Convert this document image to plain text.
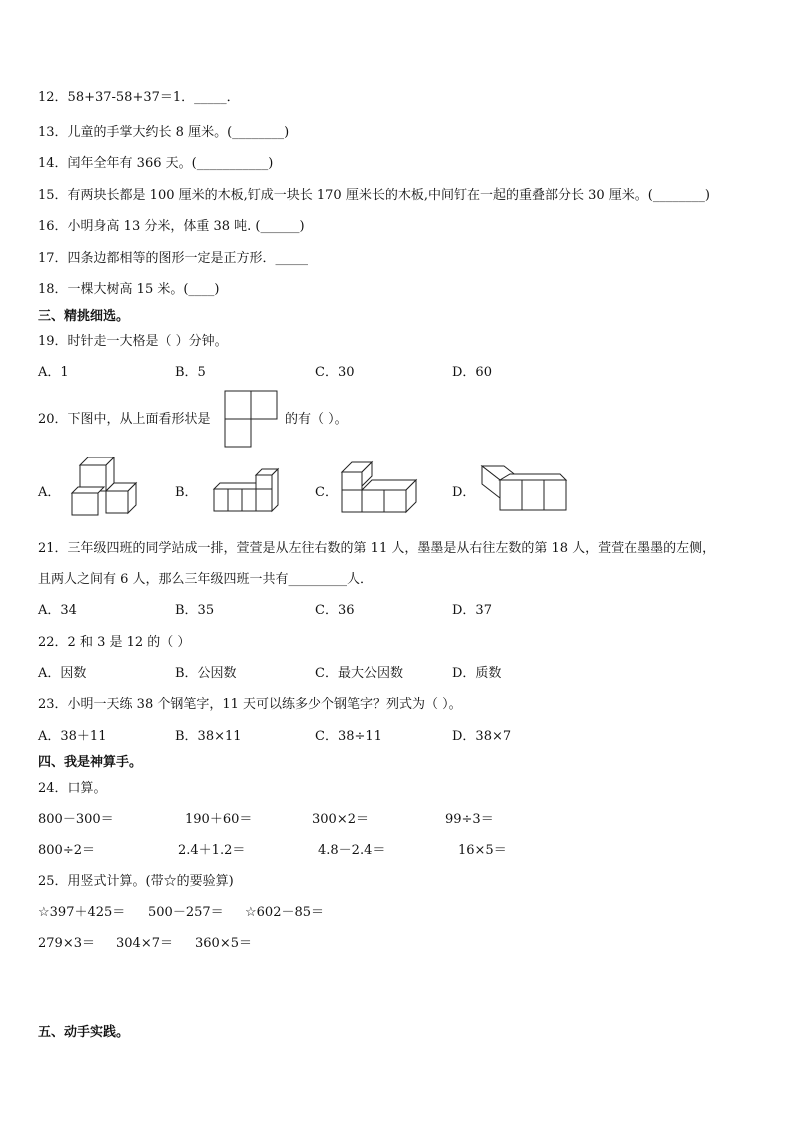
12．58+37-58+37＝1．_____．
13．儿童的手掌大约长 8 厘米。(________)
14．闰年全年有 366 天。(___________)
15．有两块长都是 100 厘米的木板,钉成一块长 170 厘米长的木板,中间钉在一起的重叠部分长 30 厘米。(________)
16．小明身高 13 分米，体重 38 吨. (______)
17．四条边都相等的图形一定是正方形．_____
18．一棵大树高 15 米。(____)
三、精挑细选。
19．时针走一大格是（ ）分钟。
A．1	B．5	C．30	D．60
20．下图中，从上面看形状是	的有（ ）。
A．	B．	C．	D．
21．三年级四班的同学站成一排，萱萱是从左往右数的第 11 人，墨墨是从右往左数的第 18 人，萱萱在墨墨的左侧，
且两人之间有 6 人，那么三年级四班一共有_________人．
A．34	B．35	C．36	D．37
22．2 和 3 是 12 的（ ）
A．因数	B．公因数	C．最大公因数	D．质数
23．小明一天练 38 个钢笔字，11 天可以练多少个钢笔字？列式为（ ）。
A．38＋11	B．38×11	C．38÷11	D．38×7
四、我是神算手。
24．口算。
800－300＝	190＋60＝	300×2＝	99÷3＝
800÷2＝	2.4＋1.2＝	4.8－2.4＝	16×5＝
25．用竖式计算。(带☆的要验算)
☆397＋425＝ 500－257＝ ☆602－85＝
279×3＝ 304×7＝ 360×5＝
五、动手实践。
